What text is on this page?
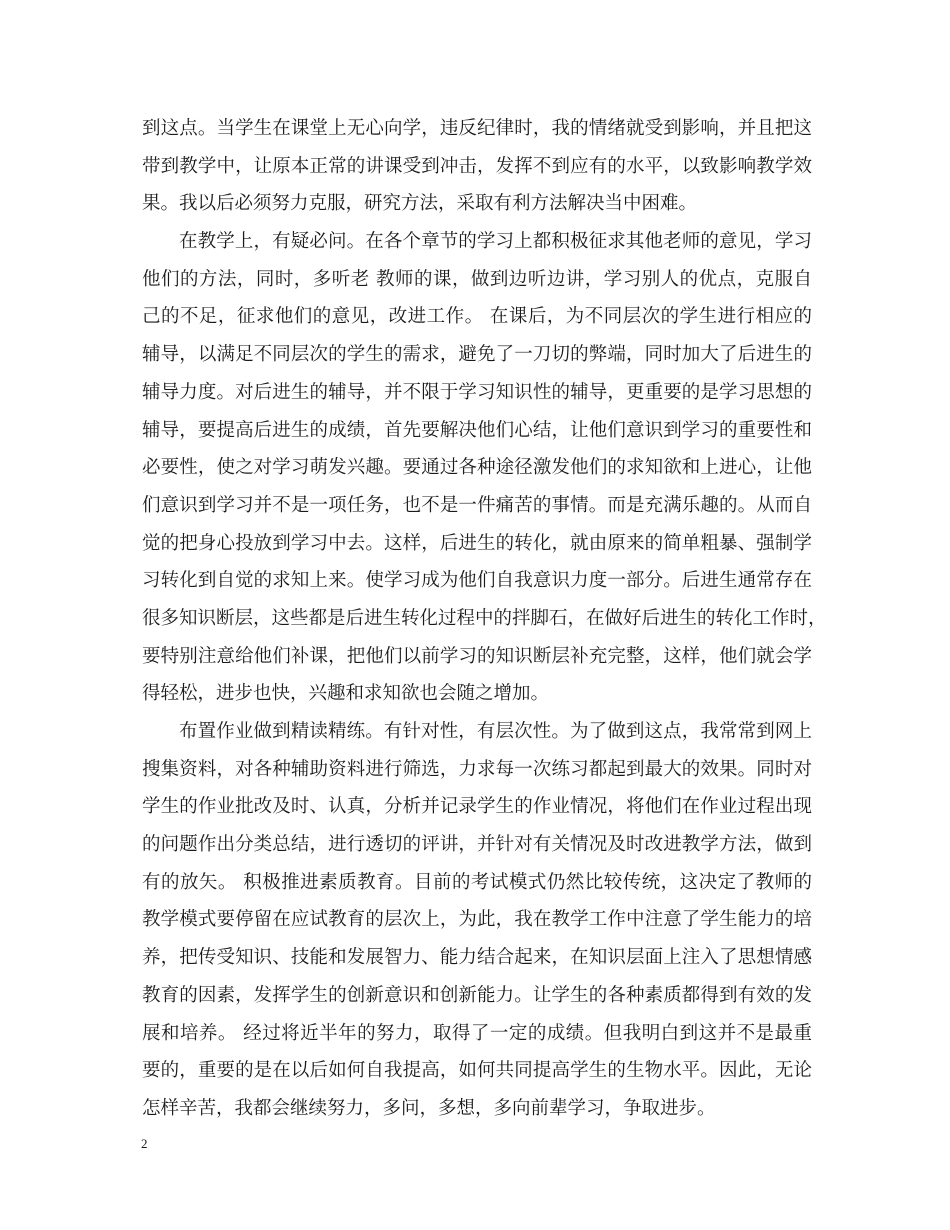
到这点。当学生在课堂上无心向学，违反纪律时，我的情绪就受到影响，并且把这
带到教学中，让原本正常的讲课受到冲击，发挥不到应有的水平，以致影响教学效
果。我以后必须努力克服，研究方法，采取有利方法解决当中困难。
在教学上，有疑必问。在各个章节的学习上都积极征求其他老师的意见，学习
他们的方法，同时，多听老 教师的课，做到边听边讲，学习别人的优点，克服自
己的不足，征求他们的意见，改进工作。 在课后，为不同层次的学生进行相应的
辅导，以满足不同层次的学生的需求，避免了一刀切的弊端，同时加大了后进生的
辅导力度。对后进生的辅导，并不限于学习知识性的辅导，更重要的是学习思想的
辅导，要提高后进生的成绩，首先要解决他们心结，让他们意识到学习的重要性和
必要性，使之对学习萌发兴趣。要通过各种途径激发他们的求知欲和上进心，让他
们意识到学习并不是一项任务，也不是一件痛苦的事情。而是充满乐趣的。从而自
觉的把身心投放到学习中去。这样，后进生的转化，就由原来的简单粗暴、强制学
习转化到自觉的求知上来。使学习成为他们自我意识力度一部分。后进生通常存在
很多知识断层，这些都是后进生转化过程中的拌脚石，在做好后进生的转化工作时，
要特别注意给他们补课，把他们以前学习的知识断层补充完整，这样，他们就会学
得轻松，进步也快，兴趣和求知欲也会随之增加。
布置作业做到精读精练。有针对性，有层次性。为了做到这点，我常常到网上
搜集资料，对各种辅助资料进行筛选，力求每一次练习都起到最大的效果。同时对
学生的作业批改及时、认真，分析并记录学生的作业情况，将他们在作业过程出现
的问题作出分类总结，进行透切的评讲，并针对有关情况及时改进教学方法，做到
有的放矢。 积极推进素质教育。目前的考试模式仍然比较传统，这决定了教师的
教学模式要停留在应试教育的层次上，为此，我在教学工作中注意了学生能力的培
养，把传受知识、技能和发展智力、能力结合起来，在知识层面上注入了思想情感
教育的因素，发挥学生的创新意识和创新能力。让学生的各种素质都得到有效的发
展和培养。 经过将近半年的努力，取得了一定的成绩。但我明白到这并不是最重
要的，重要的是在以后如何自我提高，如何共同提高学生的生物水平。因此，无论
怎样辛苦，我都会继续努力，多问，多想，多向前辈学习，争取进步。
2
